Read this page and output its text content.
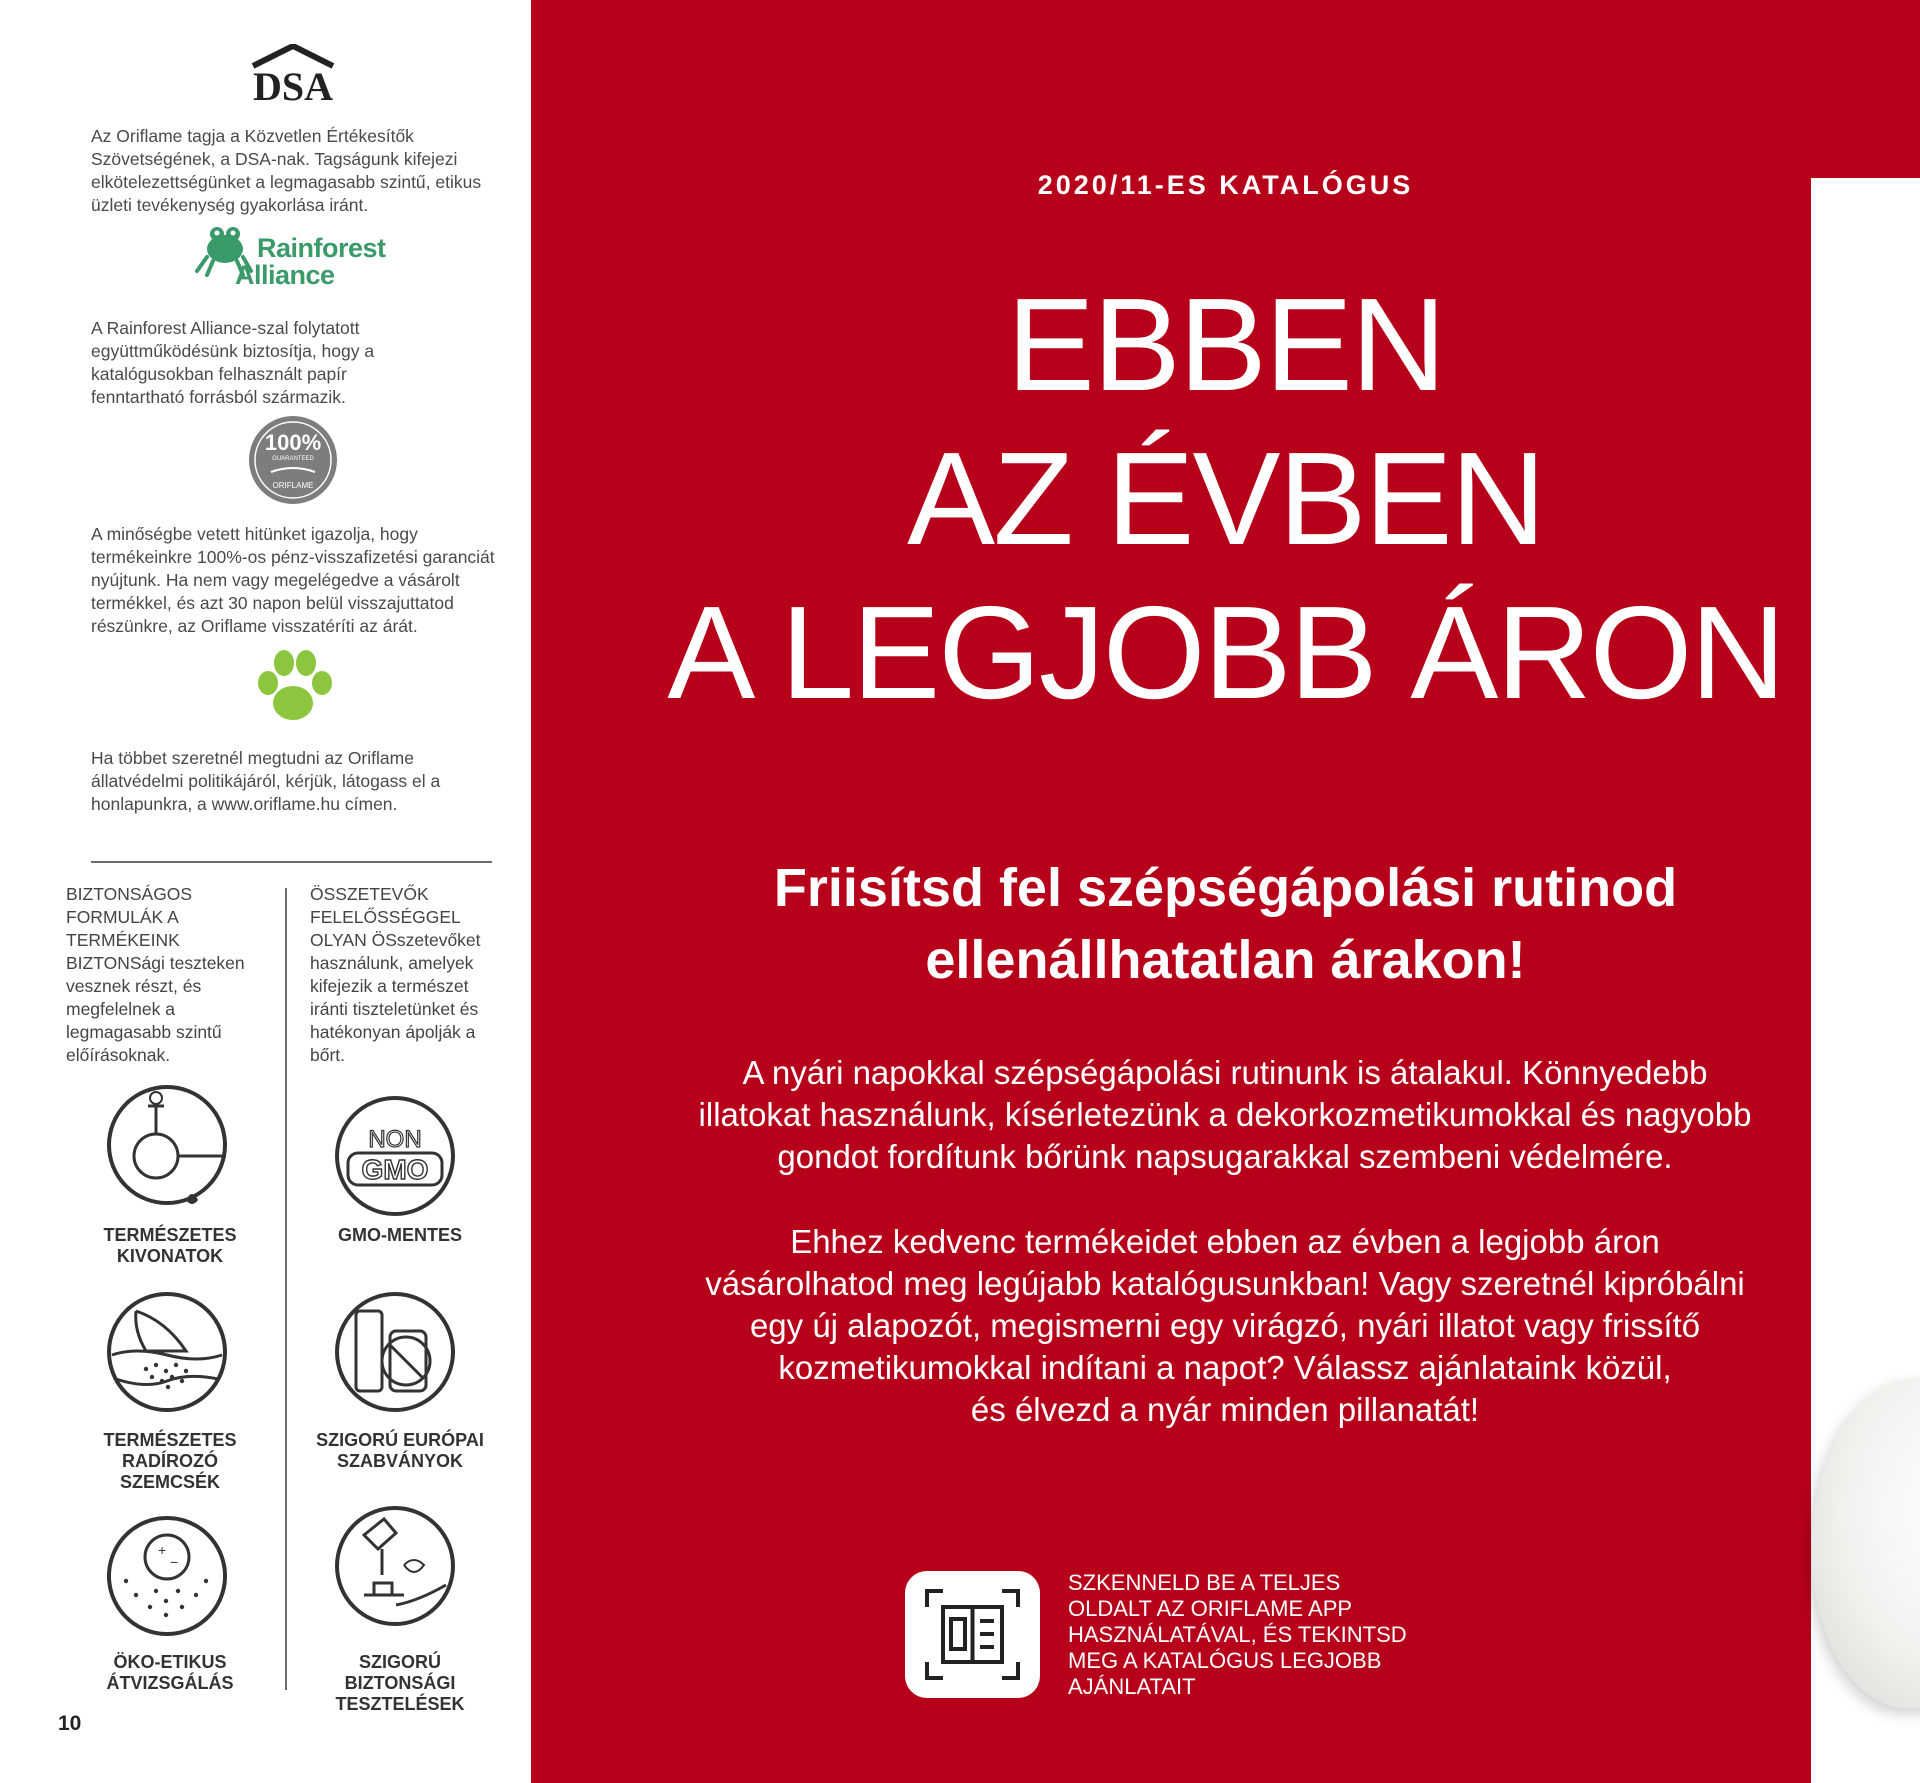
DSA
Az Oriflame tagja a Közvetlen Értékesítők Szövetségének, a DSA-nak. Tagságunk kifejezi elkötelezettségünket a legmagasabb szintű, etikus üzleti tevékenység gyakorlása iránt.
Rainforest
Alliance
A Rainforest Alliance-szal folytatott együttműködésünk biztosítja, hogy a katalógusokban felhasznált papír fenntartható forrásból származik.
100%
GUARANTEED
ORIFLAME
A minőségbe vetett hitünket igazolja, hogy termékeinkre 100%-os pénz-visszafizetési garanciát nyújtunk. Ha nem vagy megelégedve a vásárolt termékkel, és azt 30 napon belül visszajuttatod részünkre, az Oriflame visszatéríti az árát.
Ha többet szeretnél megtudni az Oriflame állatvédelmi politikájáról, kérjük, látogass el a honlapunkra, a www.oriflame.hu címen.
BIZTONSÁGOS FORMULÁK A TERMÉKEINK BIZTONSági teszteken vesznek részt, és megfelelnek a legmagasabb szintű előírásoknak.
ÖSSZETEVŐK FELELŐSSÉGGEL OLYAN ÖSszetevőket használunk, amelyek kifejezik a természet iránti tiszteletünket és hatékonyan ápolják a bőrt.
TERMÉSZETES KIVONATOK
NON
GMO
GMO-MENTES
TERMÉSZETES RADÍROZÓ SZEMCSÉK
SZIGORÚ EURÓPAI SZABVÁNYOK
+
−
ÖKO-ETIKUS ÁTVIZSGÁLÁS
SZIGORÚ BIZTONSÁGI TESZTELÉSEK
10
2020/11-ES KATALÓGUS
EBBEN
AZ ÉVBEN
A LEGJOBB ÁRON
Friisítsd fel szépségápolási rutinod
ellenállhatatlan árakon!
A nyári napokkal szépségápolási rutinunk is átalakul. Könnyedebb
illatokat használunk, kísérletezünk a dekorkozmetikumokkal és nagyobb
gondot fordítunk bőrünk napsugarakkal szembeni védelmére.
Ehhez kedvenc termékeidet ebben az évben a legjobb áron
vásárolhatod meg legújabb katalógusunkban! Vagy szeretnél kipróbálni
egy új alapozót, megismerni egy virágzó, nyári illatot vagy frissítő
kozmetikumokkal indítani a napot? Válassz ajánlataink közül,
és élvezd a nyár minden pillanatát!
SZKENNELD BE A TELJES
OLDALT AZ ORIFLAME APP
HASZNÁLATÁVAL, ÉS TEKINTSD
MEG A KATALÓGUS LEGJOBB
AJÁNLATAIT
